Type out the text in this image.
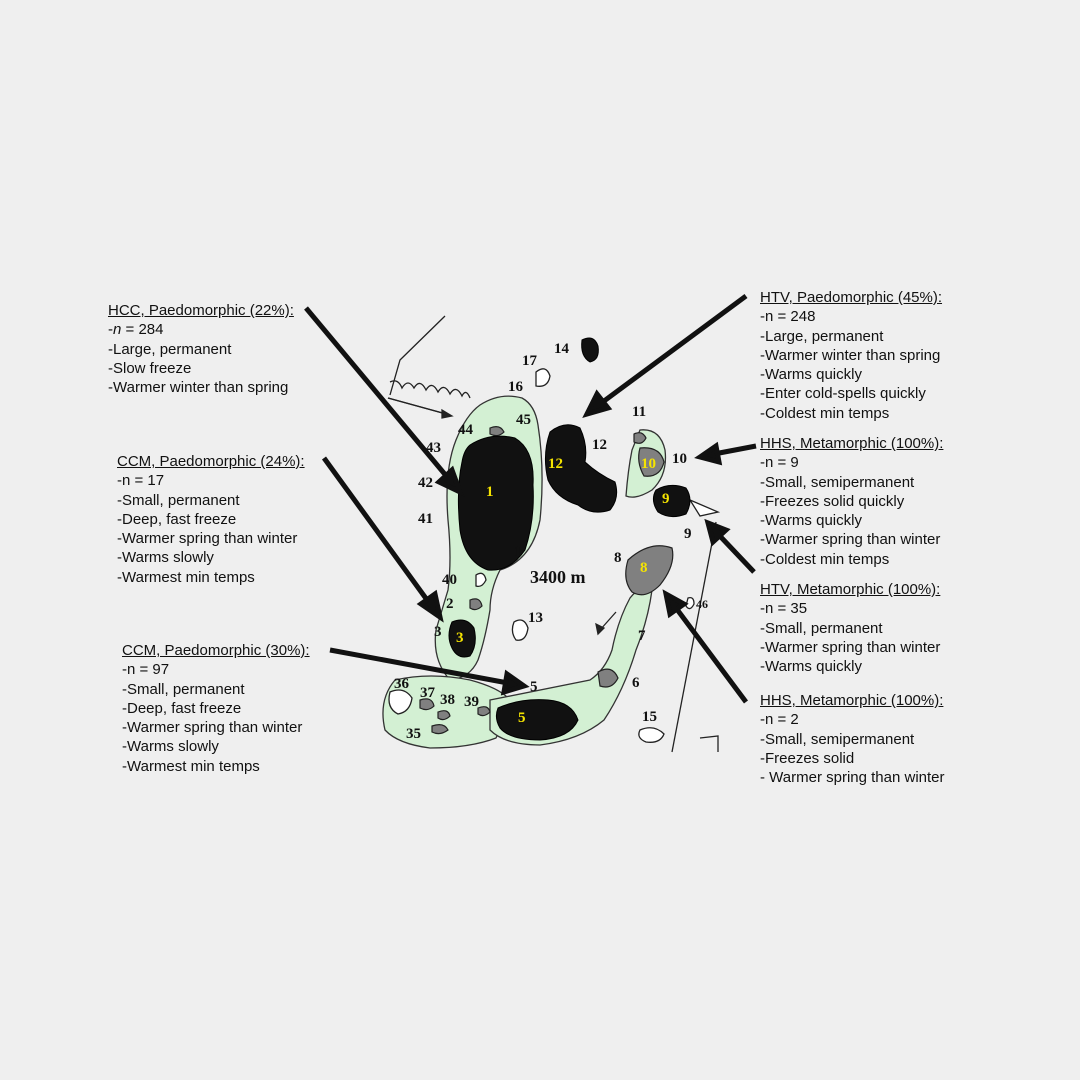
14
17
16
45
44
43
42
41
1
40
2
3
11
12
10
9
8
13
46
7
6
5
15
36
37 38 39
35
1
12	10
9
8
3
5
3400 m
HCC, Paedomorphic (22%):
-n = 284
-Large, permanent
-Slow freeze
-Warmer winter than spring
CCM, Paedomorphic (24%):
-n = 17
-Small, permanent
-Deep, fast freeze
-Warmer spring than winter
-Warms slowly
-Warmest min temps
CCM, Paedomorphic (30%):
-n = 97
-Small, permanent
-Deep, fast freeze
-Warmer spring than winter
-Warms slowly
-Warmest min temps
HTV, Paedomorphic (45%):
-n = 248
-Large, permanent
-Warmer winter than spring
-Warms quickly
-Enter cold-spells quickly
-Coldest min temps
HHS, Metamorphic (100%):
-n = 9
-Small, semipermanent
-Freezes solid quickly
-Warms quickly
-Warmer spring than winter
-Coldest min temps
HTV, Metamorphic (100%):
-n = 35
-Small, permanent
-Warmer spring than winter
-Warms quickly
HHS, Metamorphic (100%):
-n = 2
-Small, semipermanent
-Freezes solid
- Warmer spring than winter
